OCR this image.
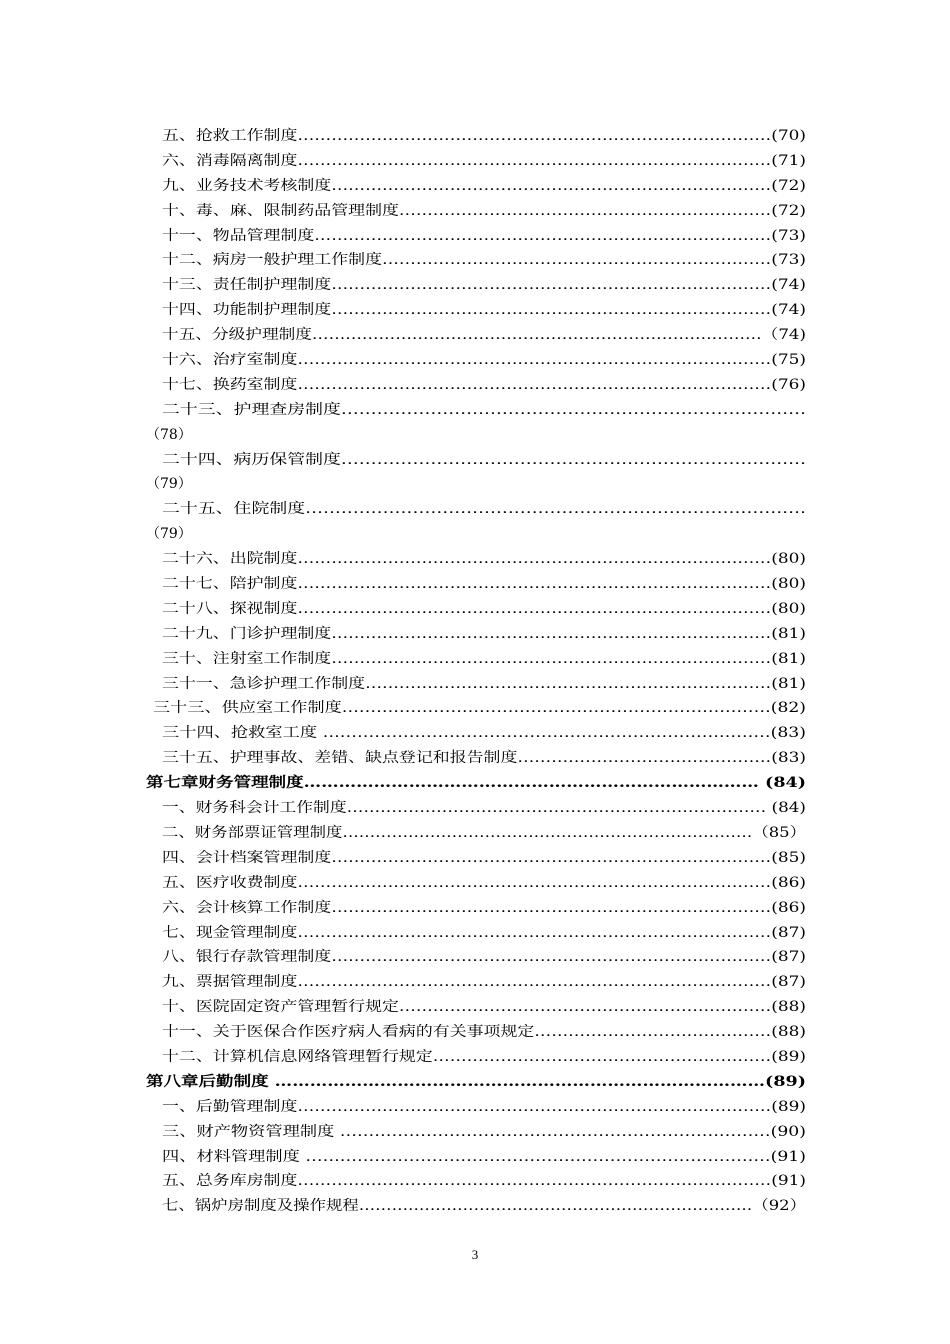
五、抢救工作制度…………………………………………………………………………(70)
六、消毒隔离制度…………………………………………………………………………(71)
九、业务技术考核制度……………………………………………………………………(72)
十、毒、麻、限制药品管理制度…………………………………………………………(72)
十一、物品管理制度………………………………………………………………………(73)
十二、病房一般护理工作制度……………………………………………………………(73)
十三、责任制护理制度……………………………………………………………………(74)
十四、功能制护理制度……………………………………………………………………(74)
十五、分级护理制度………………………………………………………………………（74)
十六、治疗室制度…………………………………………………………………………(75)
十七、换药室制度…………………………………………………………………………(76)
二十三、护理查房制度……………………………………………………………………
（78）
二十四、病历保管制度……………………………………………………………………
（79）
二十五、住院制度…………………………………………………………………………
（79）
二十六、出院制度…………………………………………………………………………(80)
二十七、陪护制度…………………………………………………………………………(80)
二十八、探视制度…………………………………………………………………………(80)
二十九、门诊护理制度……………………………………………………………………(81)
三十、注射室工作制度……………………………………………………………………(81)
三十一、急诊护理工作制度………………………………………………………………(81)
三十三、供应室工作制度…………………………………………………………………(82)
三十四、抢救室工度 ……………………………………………………………………(83)
三十五、护理事故、差错、缺点登记和报告制度………………………………………(83)
第七章财务管理制度…………………………………………………………………… (84)
一、财务科会计工作制度………………………………………………………………… (84)
二、财务部票证管理制度…………………………………………………………………（85）
四、会计档案管理制度……………………………………………………………………(85)
五、医疗收费制度…………………………………………………………………………(86)
六、会计核算工作制度……………………………………………………………………(86)
七、现金管理制度…………………………………………………………………………(87)
八、银行存款管理制度……………………………………………………………………(87)
九、票据管理制度…………………………………………………………………………(87)
十、医院固定资产管理暂行规定…………………………………………………………(88)
十一、关于医保合作医疗病人看病的有关事项规定……………………………………(88)
十二、计算机信息网络管理暂行规定……………………………………………………(89)
第八章后勤制度 …………………………………………………………………………(89)
一、后勤管理制度…………………………………………………………………………(89)
三、财产物资管理制度 …………………………………………………………………(90)
四、材料管理制度 ………………………………………………………………………(91)
五、总务库房制度…………………………………………………………………………(91)
七、锅炉房制度及操作规程………………………………………………………………（92）
3
